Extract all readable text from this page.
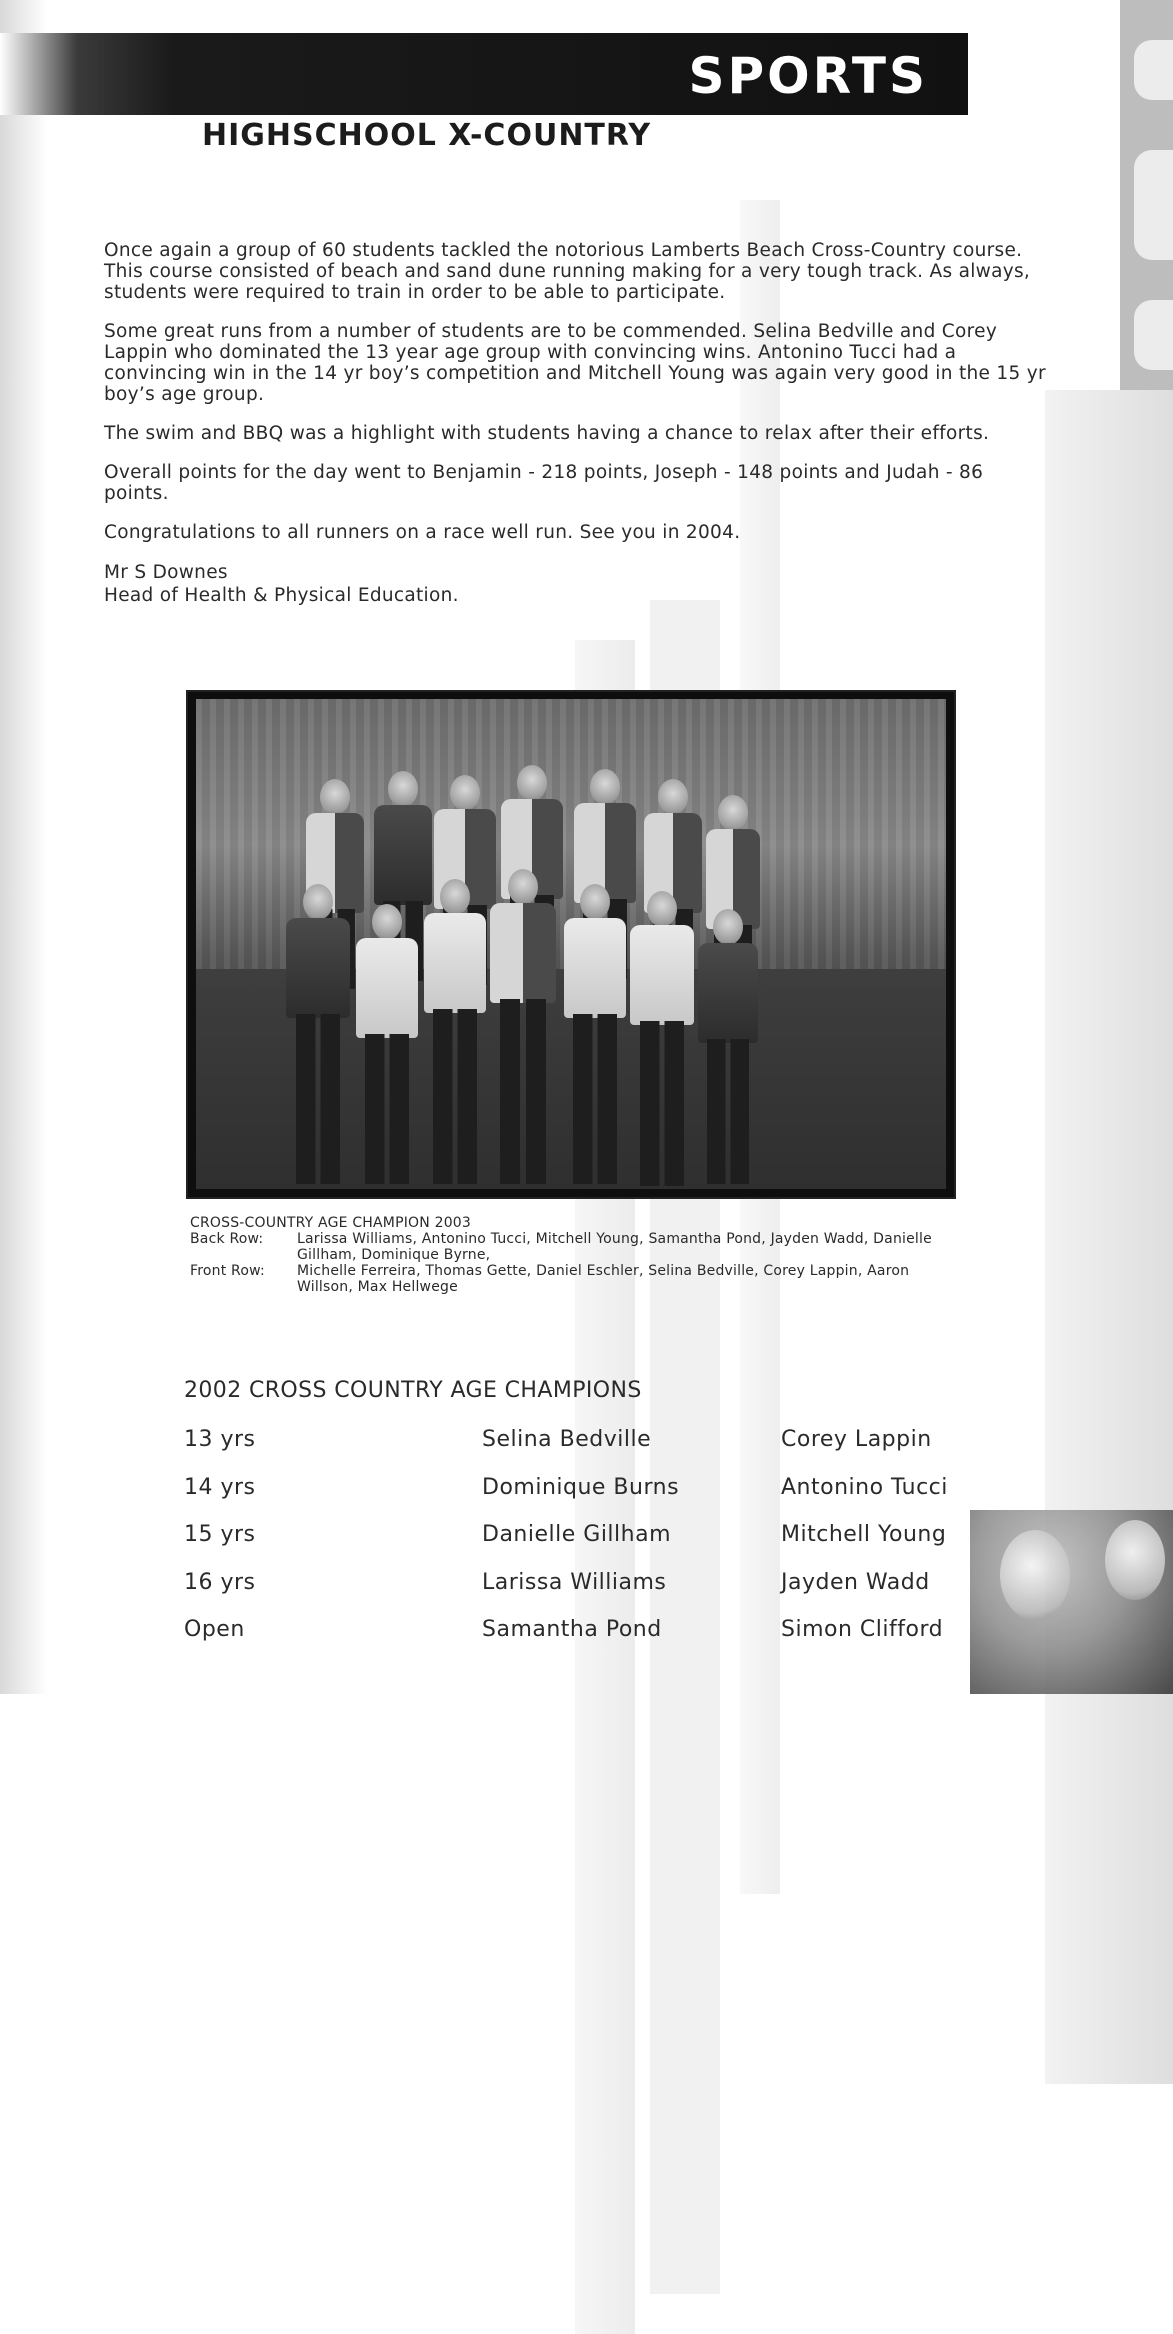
SPORTS
HIGHSCHOOL X-COUNTRY

Once again a group of 60 students tackled the notorious Lamberts Beach Cross-Country course. This course consisted of beach and sand dune running making for a very tough track. As always, students were required to train in order to be able to participate.

Some great runs from a number of students are to be commended. Selina Bedville and Corey Lappin who dominated the 13 year age group with convincing wins. Antonino Tucci had a convincing win in the 14 yr boy’s competition and Mitchell Young was again very good in the 15 yr boy’s age group.

The swim and BBQ was a highlight with students having a chance to relax after their efforts.

Overall points for the day went to Benjamin - 218 points, Joseph - 148 points and Judah - 86 points.

Congratulations to all runners on a race well run. See you in 2004.

Mr S Downes
Head of Health & Physical Education.
CROSS-COUNTRY AGE CHAMPION 2003
Back Row:	Larissa Williams, Antonino Tucci, Mitchell Young, Samantha Pond, Jayden Wadd, Danielle Gillham, Dominique Byrne,
Front Row:	Michelle Ferreira, Thomas Gette, Daniel Eschler, Selina Bedville, Corey Lappin, Aaron Willson, Max Hellwege
2002 CROSS COUNTRY AGE CHAMPIONS
13 yrs	Selina Bedville	Corey Lappin
14 yrs	Dominique Burns	Antonino Tucci
15 yrs	Danielle Gillham	Mitchell Young
16 yrs	Larissa Williams	Jayden Wadd
Open	Samantha Pond	Simon Clifford
